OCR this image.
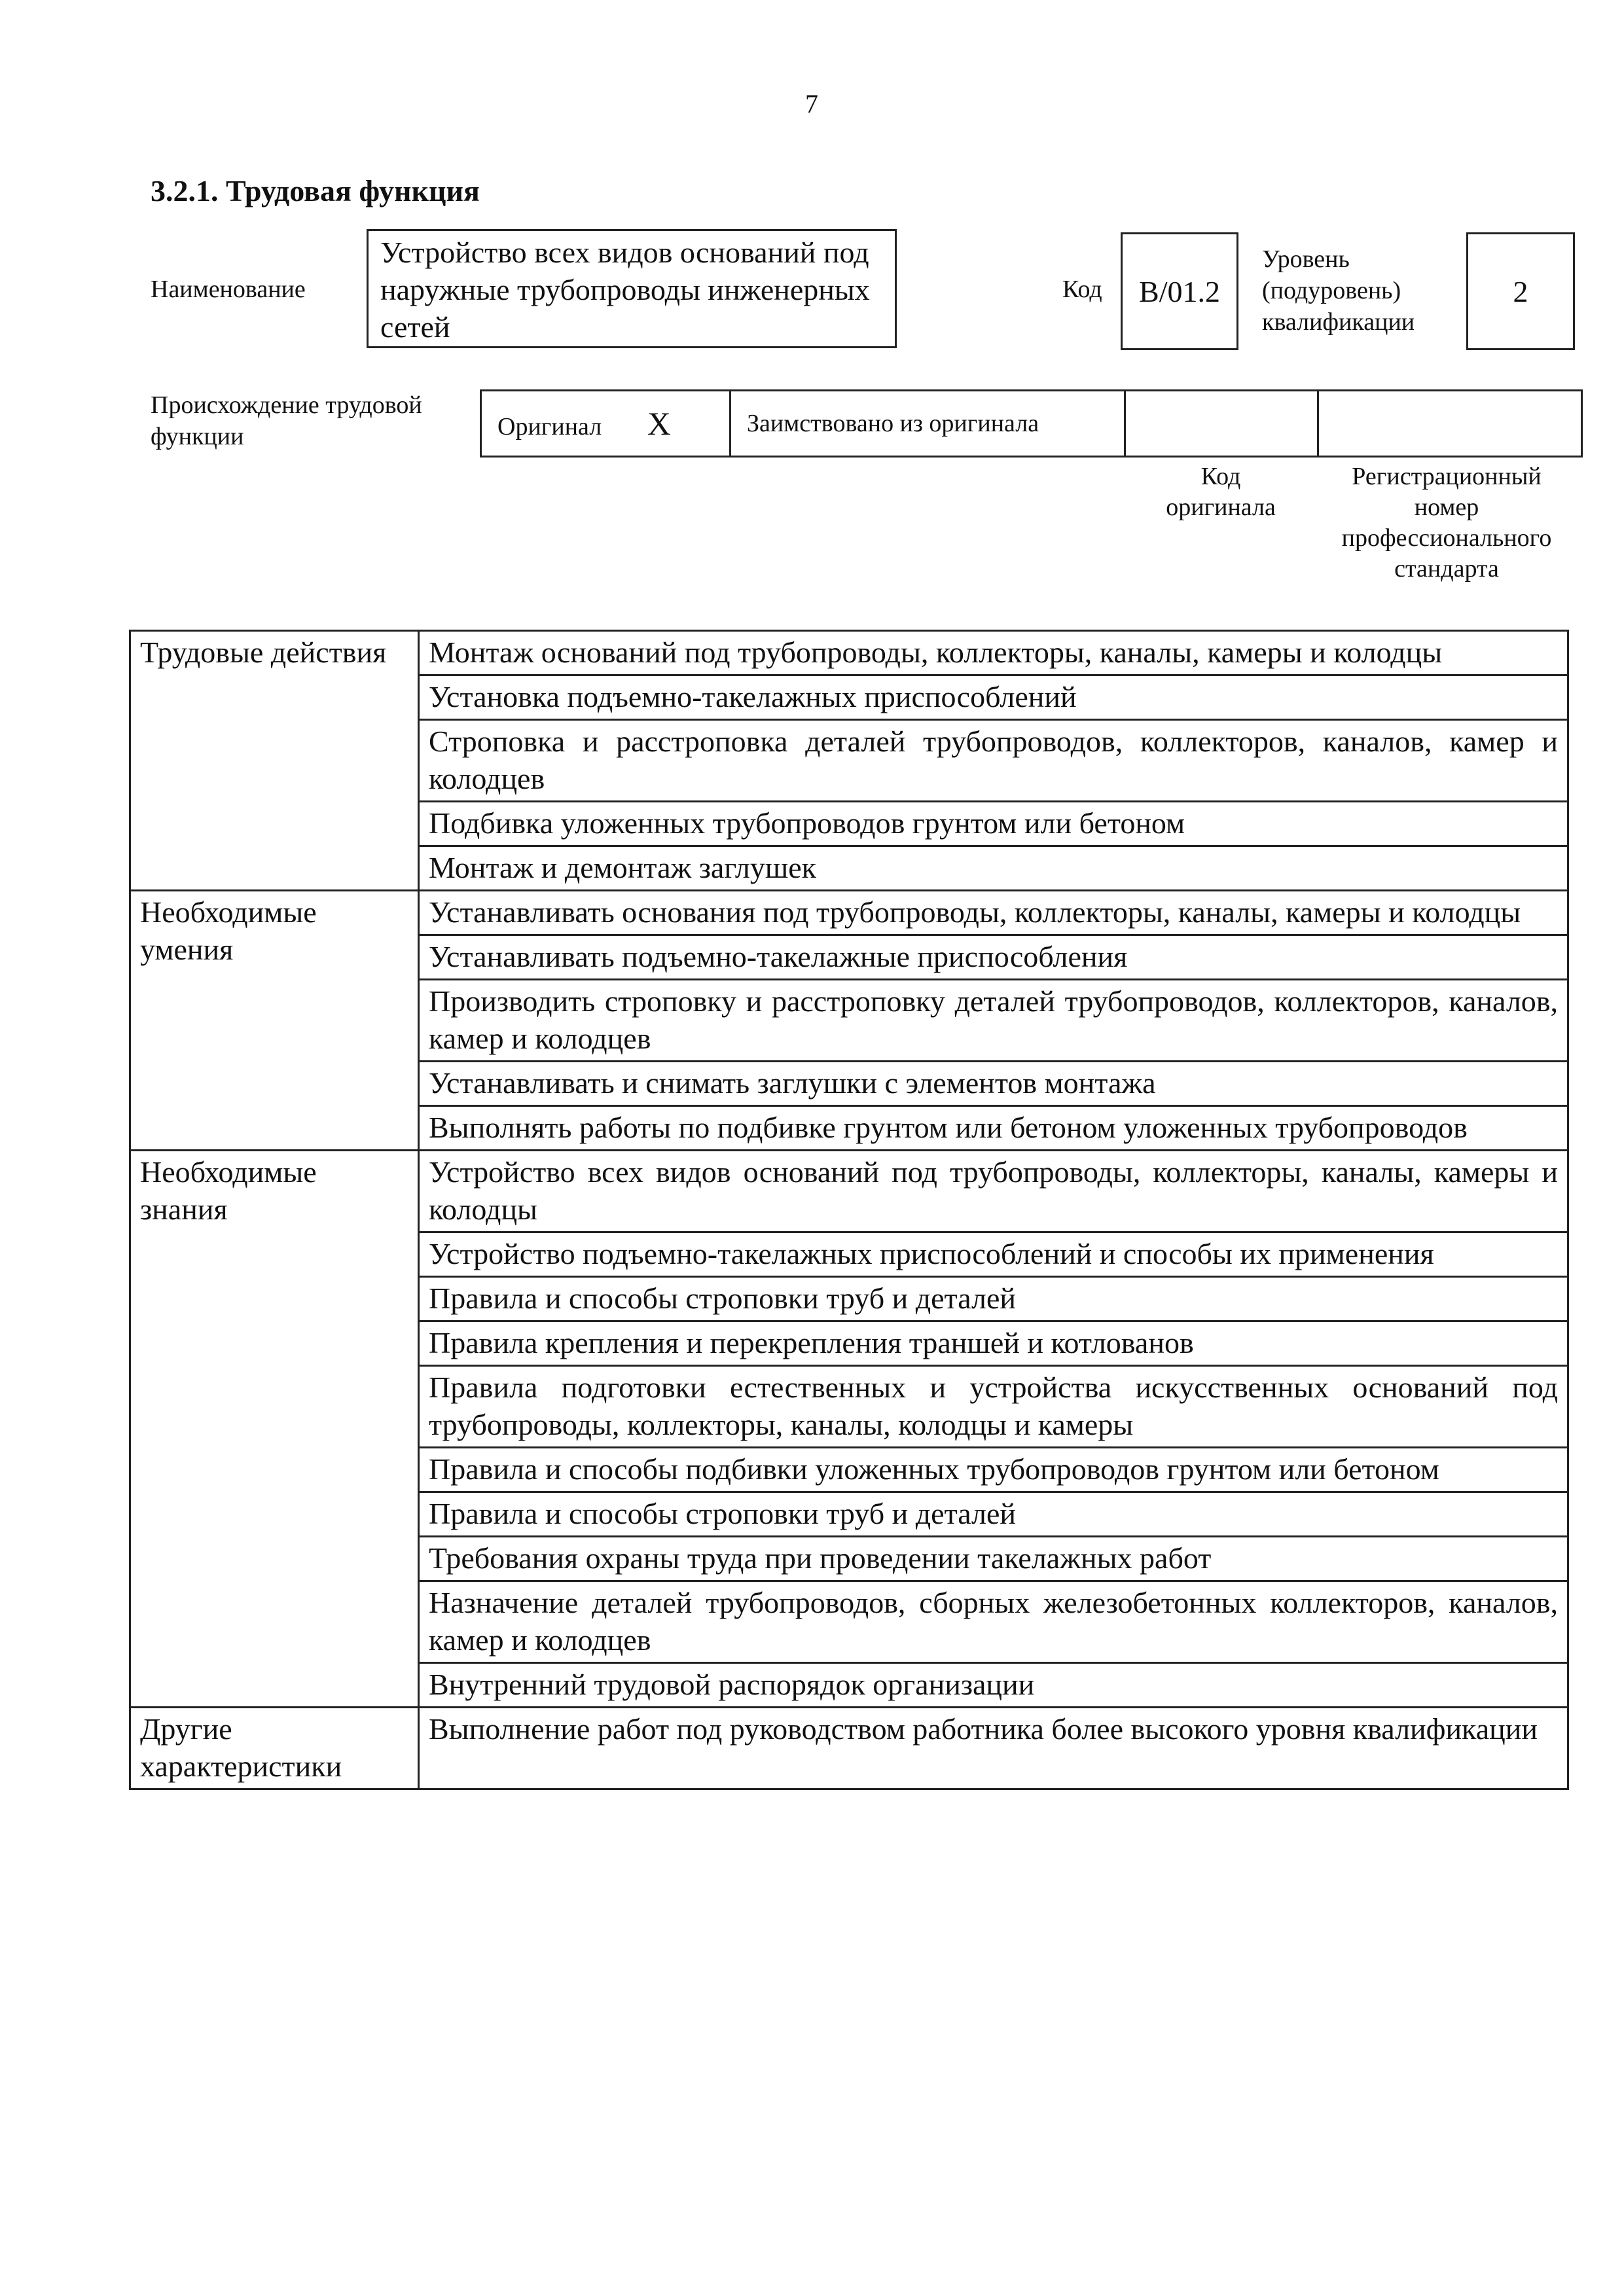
7
3.2.1. Трудовая функция
Наименование
Устройство всех видов оснований под наружные трубопроводы инженерных сетей
Код В/01.2
Уровень
(подуровень)
квалификации
2
Происхождение трудовой
функции	Оригинал X	Заимствовано из оригинала		
Код
оригинала
Регистрационный
номер
профессионального
стандарта
Трудовые действия	Монтаж оснований под трубопроводы, коллекторы, каналы, камеры и колодцы
	Установка подъемно-такелажных приспособлений
	Строповка и расстроповка деталей трубопроводов, коллекторов, каналов, камер и колодцев
	Подбивка уложенных трубопроводов грунтом или бетоном
	Монтаж и демонтаж заглушек
Необходимые умения	Устанавливать основания под трубопроводы, коллекторы, каналы, камеры и колодцы
	Устанавливать подъемно-такелажные приспособления
	Производить строповку и расстроповку деталей трубопроводов, коллекторов, каналов, камер и колодцев
	Устанавливать и снимать заглушки с элементов монтажа
	Выполнять работы по подбивке грунтом или бетоном уложенных трубопроводов
Необходимые знания	Устройство всех видов оснований под трубопроводы, коллекторы, каналы, камеры и колодцы
	Устройство подъемно-такелажных приспособлений и способы их применения
	Правила и способы строповки труб и деталей
	Правила крепления и перекрепления траншей и котлованов
	Правила подготовки естественных и устройства искусственных оснований под трубопроводы, коллекторы, каналы, колодцы и камеры
	Правила и способы подбивки уложенных трубопроводов грунтом или бетоном
	Правила и способы строповки труб и деталей
	Требования охраны труда при проведении такелажных работ
	Назначение деталей трубопроводов, сборных железобетонных коллекторов, каналов, камер и колодцев
	Внутренний трудовой распорядок организации
Другие характеристики	Выполнение работ под руководством работника более высокого уровня квалификации
